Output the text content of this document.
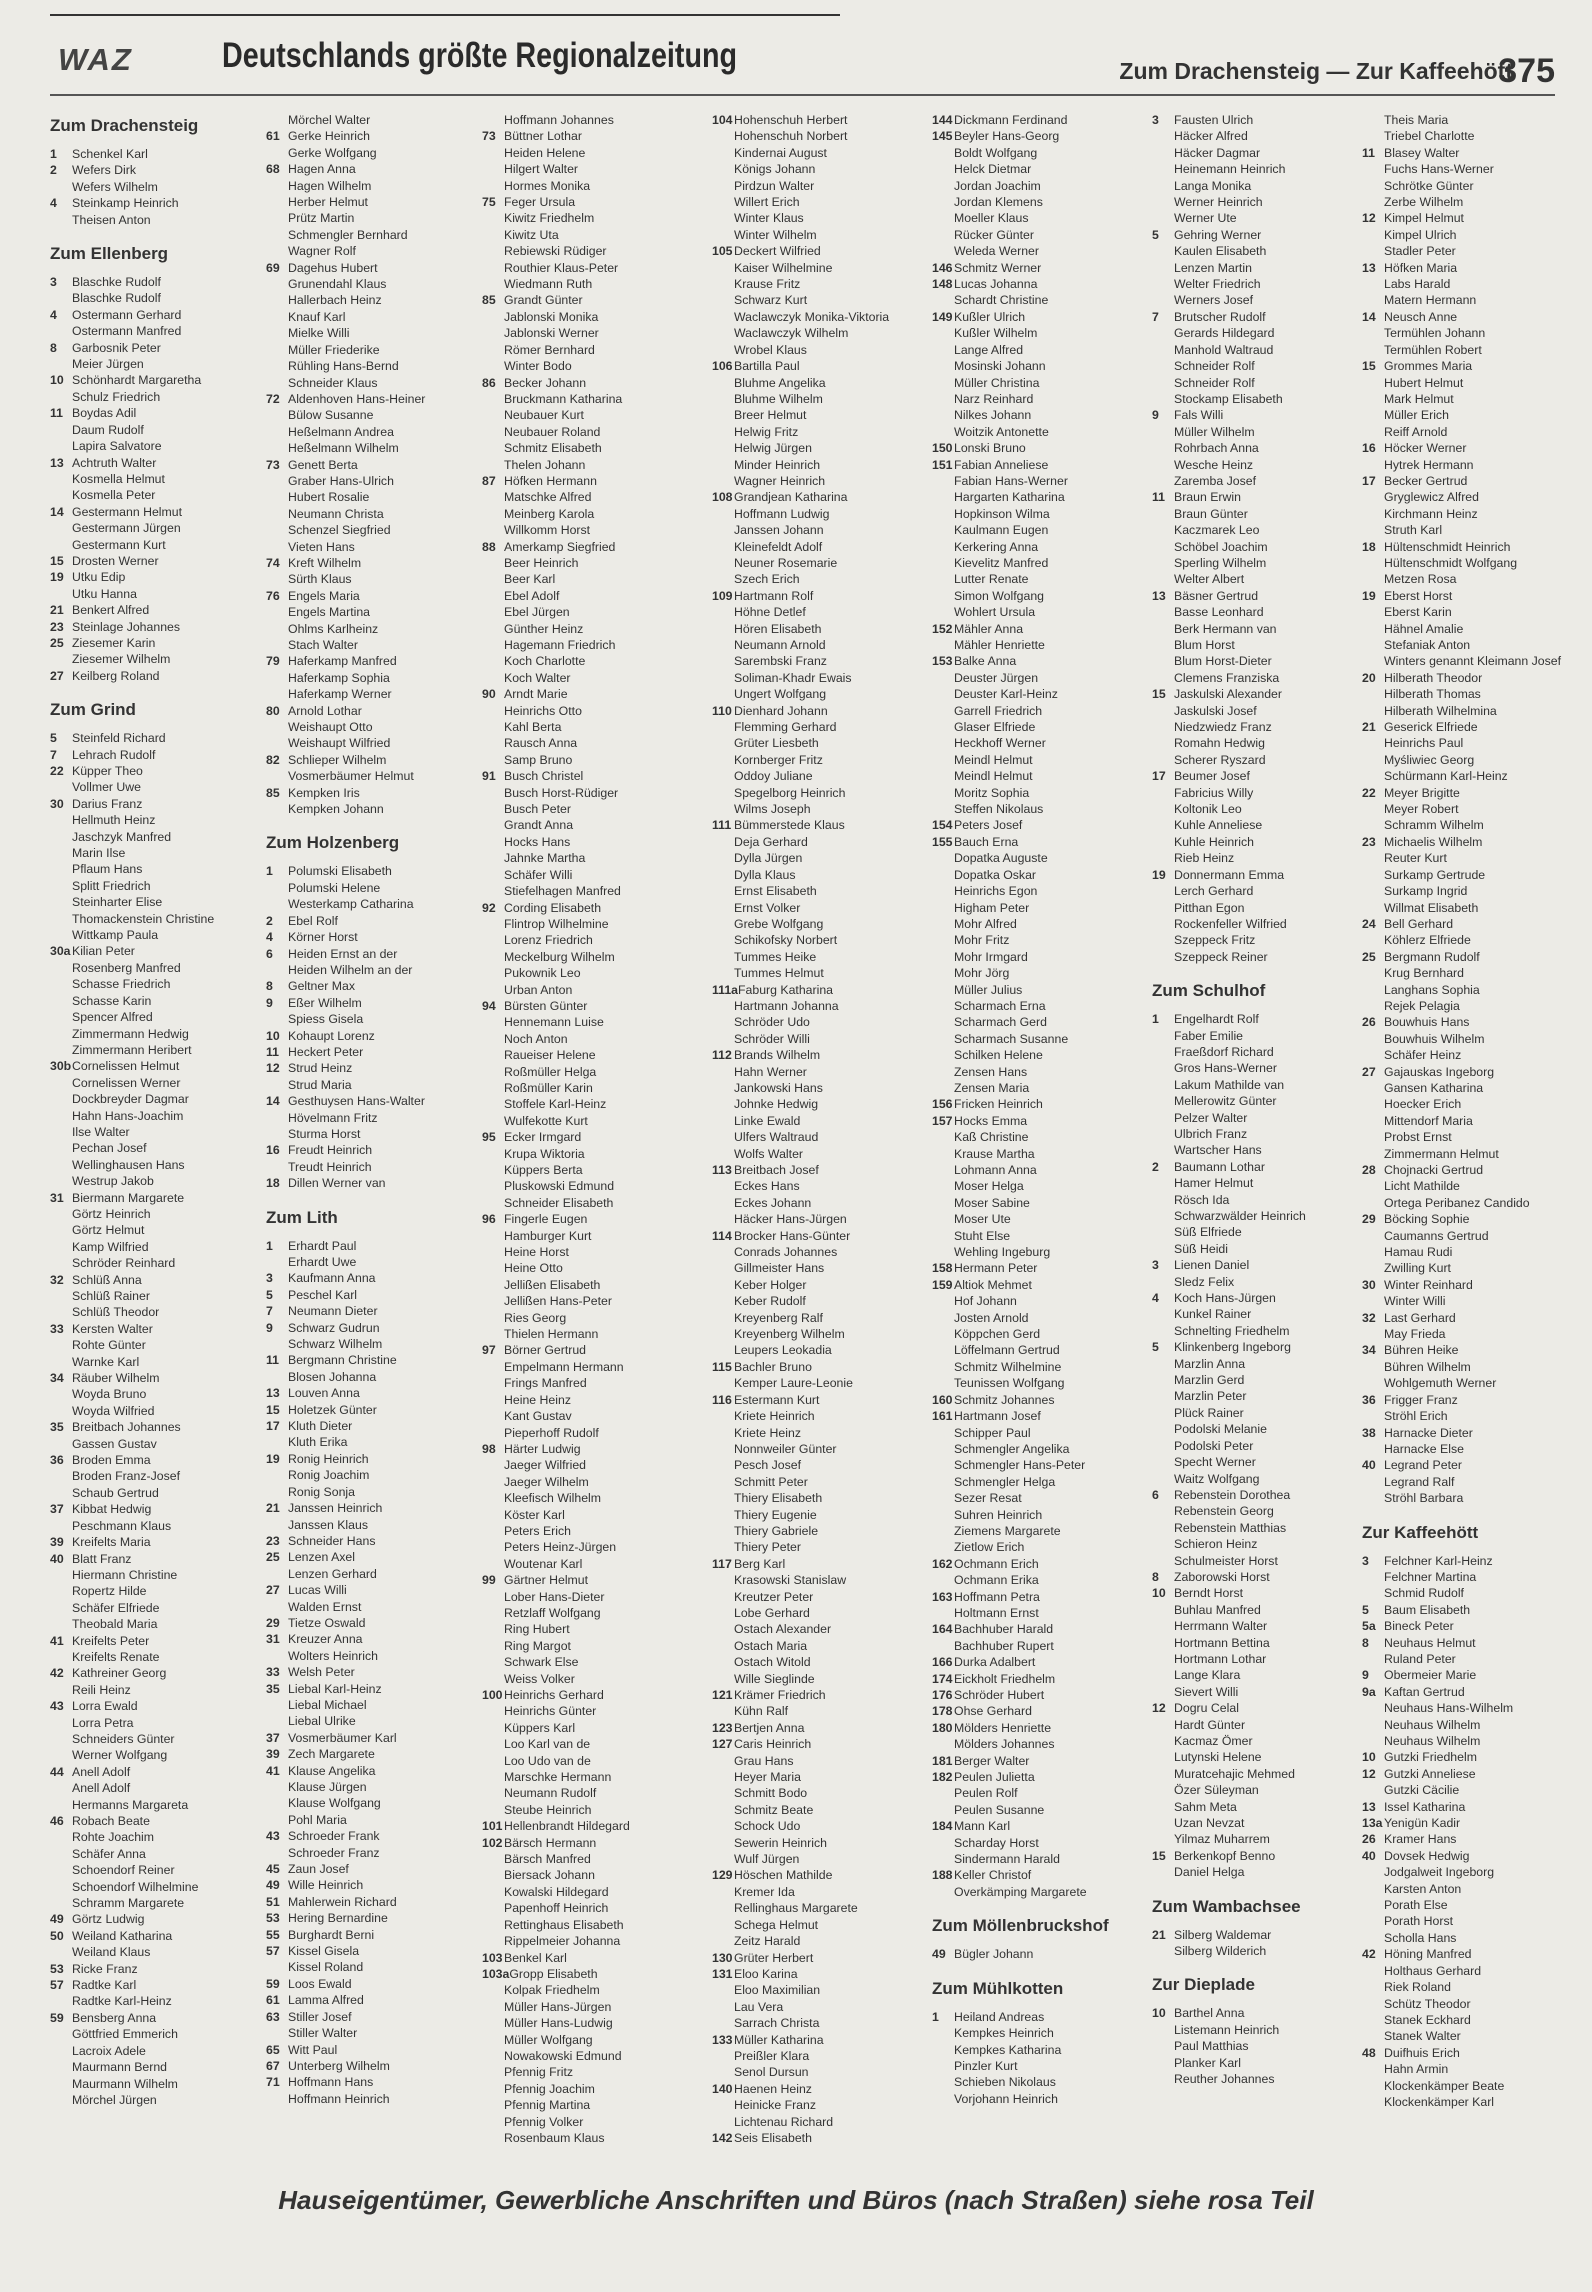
WAZ	Deutschlands größte Regionalzeitung	Zum Drachensteig — Zur Kaffeehött
375
Zum Drachensteig
1 Schenkel Karl
2 Wefers Dirk
Wefers Wilhelm
4 Steinkamp Heinrich
Theisen Anton
Zum Ellenberg
3 Blaschke Rudolf
Blaschke Rudolf
4 Ostermann Gerhard
Ostermann Manfred
8 Garbosnik Peter
Meier Jürgen
10 Schönhardt Margaretha
Schulz Friedrich
11 Boydas Adil
Daum Rudolf
Lapira Salvatore
13 Achtruth Walter
Kosmella Helmut
Kosmella Peter
14 Gestermann Helmut
Gestermann Jürgen
Gestermann Kurt
15 Drosten Werner
19 Utku Edip
Utku Hanna
21 Benkert Alfred
23 Steinlage Johannes
25 Ziesemer Karin
Ziesemer Wilhelm
27 Keilberg Roland
Zum Grind
5 Steinfeld Richard
7 Lehrach Rudolf
22 Küpper Theo
Vollmer Uwe
30 Darius Franz
Hellmuth Heinz
Jaschzyk Manfred
Marin Ilse
Pflaum Hans
Splitt Friedrich
Steinharter Elise
Thomackenstein Christine
Wittkamp Paula
30aKilian Peter
Rosenberg Manfred
Schasse Friedrich
Schasse Karin
Spencer Alfred
Zimmermann Hedwig
Zimmermann Heribert
30bCornelissen Helmut
Cornelissen Werner
Dockbreyder Dagmar
Hahn Hans-Joachim
Ilse Walter
Pechan Josef
Wellinghausen Hans
Westrup Jakob
31 Biermann Margarete
Görtz Heinrich
Görtz Helmut
Kamp Wilfried
Schröder Reinhard
32 Schlüß Anna
Schlüß Rainer
Schlüß Theodor
33 Kersten Walter
Rohte Günter
Warnke Karl
34 Räuber Wilhelm
Woyda Bruno
Woyda Wilfried
35 Breitbach Johannes
Gassen Gustav
36 Broden Emma
Broden Franz-Josef
Schaub Gertrud
37 Kibbat Hedwig
Peschmann Klaus
39 Kreifelts Maria
40 Blatt Franz
Hiermann Christine
Ropertz Hilde
Schäfer Elfriede
Theobald Maria
41 Kreifelts Peter
Kreifelts Renate
42 Kathreiner Georg
Reili Heinz
43 Lorra Ewald
Lorra Petra
Schneiders Günter
Werner Wolfgang
44 Anell Adolf
Anell Adolf
Hermanns Margareta
46 Robach Beate
Rohte Joachim
Schäfer Anna
Schoendorf Reiner
Schoendorf Wilhelmine
Schramm Margarete
49 Görtz Ludwig
50 Weiland Katharina
Weiland Klaus
53 Ricke Franz
57 Radtke Karl
Radtke Karl-Heinz
59 Bensberg Anna
Göttfried Emmerich
Lacroix Adele
Maurmann Bernd
Maurmann Wilhelm
Mörchel Jürgen
Mörchel Walter
61 Gerke Heinrich
Gerke Wolfgang
68 Hagen Anna
Hagen Wilhelm
Herber Helmut
Prütz Martin
Schmengler Bernhard
Wagner Rolf
69 Dagehus Hubert
Grunendahl Klaus
Hallerbach Heinz
Knauf Karl
Mielke Willi
Müller Friederike
Rühling Hans-Bernd
Schneider Klaus
72 Aldenhoven Hans-Heiner
Bülow Susanne
Heßelmann Andrea
Heßelmann Wilhelm
73 Genett Berta
Graber Hans-Ulrich
Hubert Rosalie
Neumann Christa
Schenzel Siegfried
Vieten Hans
74 Kreft Wilhelm
Sürth Klaus
76 Engels Maria
Engels Martina
Ohlms Karlheinz
Stach Walter
79 Haferkamp Manfred
Haferkamp Sophia
Haferkamp Werner
80 Arnold Lothar
Weishaupt Otto
Weishaupt Wilfried
82 Schlieper Wilhelm
Vosmerbäumer Helmut
85 Kempken Iris
Kempken Johann
Zum Holzenberg
1 Polumski Elisabeth
Polumski Helene
Westerkamp Catharina
2 Ebel Rolf
4 Körner Horst
6 Heiden Ernst an der
Heiden Wilhelm an der
8 Geltner Max
9 Eßer Wilhelm
Spiess Gisela
10 Kohaupt Lorenz
11 Heckert Peter
12 Strud Heinz
Strud Maria
14 Gesthuysen Hans-Walter
Hövelmann Fritz
Sturma Horst
16 Freudt Heinrich
Treudt Heinrich
18 Dillen Werner van
Zum Lith
1 Erhardt Paul
Erhardt Uwe
3 Kaufmann Anna
5 Peschel Karl
7 Neumann Dieter
9 Schwarz Gudrun
Schwarz Wilhelm
11 Bergmann Christine
Blosen Johanna
13 Louven Anna
15 Holetzek Günter
17 Kluth Dieter
Kluth Erika
19 Ronig Heinrich
Ronig Joachim
Ronig Sonja
21 Janssen Heinrich
Janssen Klaus
23 Schneider Hans
25 Lenzen Axel
Lenzen Gerhard
27 Lucas Willi
Walden Ernst
29 Tietze Oswald
31 Kreuzer Anna
Wolters Heinrich
33 Welsh Peter
35 Liebal Karl-Heinz
Liebal Michael
Liebal Ulrike
37 Vosmerbäumer Karl
39 Zech Margarete
41 Klause Angelika
Klause Jürgen
Klause Wolfgang
Pohl Maria
43 Schroeder Frank
Schroeder Franz
45 Zaun Josef
49 Wille Heinrich
51 Mahlerwein Richard
53 Hering Bernardine
55 Burghardt Berni
57 Kissel Gisela
Kissel Roland
59 Loos Ewald
61 Lamma Alfred
63 Stiller Josef
Stiller Walter
65 Witt Paul
67 Unterberg Wilhelm
71 Hoffmann Hans
Hoffmann Heinrich
Hoffmann Johannes
73 Büttner Lothar
Heiden Helene
Hilgert Walter
Hormes Monika
75 Feger Ursula
Kiwitz Friedhelm
Kiwitz Uta
Rebiewski Rüdiger
Routhier Klaus-Peter
Wiedmann Ruth
85 Grandt Günter
Jablonski Monika
Jablonski Werner
Römer Bernhard
Winter Bodo
86 Becker Johann
Bruckmann Katharina
Neubauer Kurt
Neubauer Roland
Schmitz Elisabeth
Thelen Johann
87 Höfken Hermann
Matschke Alfred
Meinberg Karola
Willkomm Horst
88 Amerkamp Siegfried
Beer Heinrich
Beer Karl
Ebel Adolf
Ebel Jürgen
Günther Heinz
Hagemann Friedrich
Koch Charlotte
Koch Walter
90 Arndt Marie
Heinrichs Otto
Kahl Berta
Rausch Anna
Samp Bruno
91 Busch Christel
Busch Horst-Rüdiger
Busch Peter
Grandt Anna
Hocks Hans
Jahnke Martha
Schäfer Willi
Stiefelhagen Manfred
92 Cording Elisabeth
Flintrop Wilhelmine
Lorenz Friedrich
Meckelburg Wilhelm
Pukownik Leo
Urban Anton
94 Bürsten Günter
Hennemann Luise
Noch Anton
Raueiser Helene
Roßmüller Helga
Roßmüller Karin
Stoffele Karl-Heinz
Wulfekotte Kurt
95 Ecker Irmgard
Krupa Wiktoria
Küppers Berta
Pluskowski Edmund
Schneider Elisabeth
96 Fingerle Eugen
Hamburger Kurt
Heine Horst
Heine Otto
Jellißen Elisabeth
Jellißen Hans-Peter
Ries Georg
Thielen Hermann
97 Börner Gertrud
Empelmann Hermann
Frings Manfred
Heine Heinz
Kant Gustav
Pieperhoff Rudolf
98 Härter Ludwig
Jaeger Wilfried
Jaeger Wilhelm
Kleefisch Wilhelm
Köster Karl
Peters Erich
Peters Heinz-Jürgen
Woutenar Karl
99 Gärtner Helmut
Lober Hans-Dieter
Retzlaff Wolfgang
Ring Hubert
Ring Margot
Schwark Else
Weiss Volker
100Heinrichs Gerhard
Heinrichs Günter
Küppers Karl
Loo Karl van de
Loo Udo van de
Marschke Hermann
Neumann Rudolf
Steube Heinrich
101Hellenbrandt Hildegard
102Bärsch Hermann
Bärsch Manfred
Biersack Johann
Kowalski Hildegard
Papenhoff Heinrich
Rettinghaus Elisabeth
Rippelmeier Johanna
103Benkel Karl
103aGropp Elisabeth
Kolpak Friedhelm
Müller Hans-Jürgen
Müller Hans-Ludwig
Müller Wolfgang
Nowakowski Edmund
Pfennig Fritz
Pfennig Joachim
Pfennig Martina
Pfennig Volker
Rosenbaum Klaus
104Hohenschuh Herbert
Hohenschuh Norbert
Kindernai August
Königs Johann
Pirdzun Walter
Willert Erich
Winter Klaus
Winter Wilhelm
105Deckert Wilfried
Kaiser Wilhelmine
Krause Fritz
Schwarz Kurt
Waclawczyk Monika-Viktoria
Waclawczyk Wilhelm
Wrobel Klaus
106Bartilla Paul
Bluhme Angelika
Bluhme Wilhelm
Breer Helmut
Helwig Fritz
Helwig Jürgen
Minder Heinrich
Wagner Heinrich
108Grandjean Katharina
Hoffmann Ludwig
Janssen Johann
Kleinefeldt Adolf
Neuner Rosemarie
Szech Erich
109Hartmann Rolf
Höhne Detlef
Hören Elisabeth
Neumann Arnold
Sarembski Franz
Soliman-Khadr Ewais
Ungert Wolfgang
110 Dienhard Johann
Flemming Gerhard
Grüter Liesbeth
Kornberger Fritz
Oddoy Juliane
Spegelborg Heinrich
Wilms Joseph
111 Bümmerstede Klaus
Deja Gerhard
Dylla Jürgen
Dylla Klaus
Ernst Elisabeth
Ernst Volker
Grebe Wolfgang
Schikofsky Norbert
Tummes Heike
Tummes Helmut
111aFaburg Katharina
Hartmann Johanna
Schröder Udo
Schröder Willi
112 Brands Wilhelm
Hahn Werner
Jankowski Hans
Johnke Hedwig
Linke Ewald
Ulfers Waltraud
Wolfs Walter
113 Breitbach Josef
Eckes Hans
Eckes Johann
Häcker Hans-Jürgen
114 Brocker Hans-Günter
Conrads Johannes
Gillmeister Hans
Keber Holger
Keber Rudolf
Kreyenberg Ralf
Kreyenberg Wilhelm
Leupers Leokadia
115 Bachler Bruno
Kemper Laure-Leonie
116 Estermann Kurt
Kriete Heinrich
Kriete Heinz
Nonnweiler Günter
Pesch Josef
Schmitt Peter
Thiery Elisabeth
Thiery Eugenie
Thiery Gabriele
Thiery Peter
117 Berg Karl
Krasowski Stanislaw
Kreutzer Peter
Lobe Gerhard
Ostach Alexander
Ostach Maria
Ostach Witold
Wille Sieglinde
121Krämer Friedrich
Kühn Ralf
123Bertjen Anna
127Caris Heinrich
Grau Hans
Heyer Maria
Schmitt Bodo
Schmitz Beate
Schock Udo
Sewerin Heinrich
Wulf Jürgen
129Höschen Mathilde
Kremer Ida
Rellinghaus Margarete
Schega Helmut
Zeitz Harald
130Grüter Herbert
131Eloo Karina
Eloo Maximilian
Lau Vera
Sarrach Christa
133Müller Katharina
Preißler Klara
Senol Dursun
140Haenen Heinz
Heinicke Franz
Lichtenau Richard
142Seis Elisabeth
144Dickmann Ferdinand
145Beyler Hans-Georg
Boldt Wolfgang
Helck Dietmar
Jordan Joachim
Jordan Klemens
Moeller Klaus
Rücker Günter
Weleda Werner
146Schmitz Werner
148Lucas Johanna
Schardt Christine
149Kußler Ulrich
Kußler Wilhelm
Lange Alfred
Mosinski Johann
Müller Christina
Narz Reinhard
Nilkes Johann
Woitzik Antonette
150Lonski Bruno
151Fabian Anneliese
Fabian Hans-Werner
Hargarten Katharina
Hopkinson Wilma
Kaulmann Eugen
Kerkering Anna
Kievelitz Manfred
Lutter Renate
Simon Wolfgang
Wohlert Ursula
152Mähler Anna
Mähler Henriette
153Balke Anna
Deuster Jürgen
Deuster Karl-Heinz
Garrell Friedrich
Glaser Elfriede
Heckhoff Werner
Meindl Helmut
Meindl Helmut
Moritz Sophia
Steffen Nikolaus
154Peters Josef
155Bauch Erna
Dopatka Auguste
Dopatka Oskar
Heinrichs Egon
Higham Peter
Mohr Alfred
Mohr Fritz
Mohr Irmgard
Mohr Jörg
Müller Julius
Scharmach Erna
Scharmach Gerd
Scharmach Susanne
Schilken Helene
Zensen Hans
Zensen Maria
156Fricken Heinrich
157Hocks Emma
Kaß Christine
Krause Martha
Lohmann Anna
Moser Helga
Moser Sabine
Moser Ute
Stuht Else
Wehling Ingeburg
158Hermann Peter
159Altiok Mehmet
Hof Johann
Josten Arnold
Köppchen Gerd
Löffelmann Gertrud
Schmitz Wilhelmine
Teunissen Wolfgang
160Schmitz Johannes
161Hartmann Josef
Schipper Paul
Schmengler Angelika
Schmengler Hans-Peter
Schmengler Helga
Sezer Resat
Suhren Heinrich
Ziemens Margarete
Zietlow Erich
162Ochmann Erich
Ochmann Erika
163Hoffmann Petra
Holtmann Ernst
164Bachhuber Harald
Bachhuber Rupert
166Durka Adalbert
174Eickholt Friedhelm
176Schröder Hubert
178Ohse Gerhard
180Mölders Henriette
Mölders Johannes
181Berger Walter
182Peulen Julietta
Peulen Rolf
Peulen Susanne
184Mann Karl
Scharday Horst
Sindermann Harald
188Keller Christof
Overkämping Margarete
Zum Möllenbruckshof
49 Bügler Johann
Zum Mühlkotten
1 Heiland Andreas
Kempkes Heinrich
Kempkes Katharina
Pinzler Kurt
Schieben Nikolaus
Vorjohann Heinrich
3 Fausten Ulrich
Häcker Alfred
Häcker Dagmar
Heinemann Heinrich
Langa Monika
Werner Heinrich
Werner Ute
5 Gehring Werner
Kaulen Elisabeth
Lenzen Martin
Welter Friedrich
Werners Josef
7 Brutscher Rudolf
Gerards Hildegard
Manhold Waltraud
Schneider Rolf
Schneider Rolf
Stockamp Elisabeth
9 Fals Willi
Müller Wilhelm
Rohrbach Anna
Wesche Heinz
Zaremba Josef
11 Braun Erwin
Braun Günter
Kaczmarek Leo
Schöbel Joachim
Sperling Wilhelm
Welter Albert
13 Bäsner Gertrud
Basse Leonhard
Berk Hermann van
Blum Horst
Blum Horst-Dieter
Clemens Franziska
15 Jaskulski Alexander
Jaskulski Josef
Niedzwiedz Franz
Romahn Hedwig
Scherer Ryszard
17 Beumer Josef
Fabricius Willy
Koltonik Leo
Kuhle Anneliese
Kuhle Heinrich
Rieb Heinz
19 Donnermann Emma
Lerch Gerhard
Pitthan Egon
Rockenfeller Wilfried
Szeppeck Fritz
Szeppeck Reiner
Zum Schulhof
1 Engelhardt Rolf
Faber Emilie
Fraeßdorf Richard
Gros Hans-Werner
Lakum Mathilde van
Mellerowitz Günter
Pelzer Walter
Ulbrich Franz
Wartscher Hans
2 Baumann Lothar
Hamer Helmut
Rösch Ida
Schwarzwälder Heinrich
Süß Elfriede
Süß Heidi
3 Lienen Daniel
Sledz Felix
4 Koch Hans-Jürgen
Kunkel Rainer
Schnelting Friedhelm
5 Klinkenberg Ingeborg
Marzlin Anna
Marzlin Gerd
Marzlin Peter
Plück Rainer
Podolski Melanie
Podolski Peter
Specht Werner
Waitz Wolfgang
6 Rebenstein Dorothea
Rebenstein Georg
Rebenstein Matthias
Schieron Heinz
Schulmeister Horst
8 Zaborowski Horst
10 Berndt Horst
Buhlau Manfred
Herrmann Walter
Hortmann Bettina
Hortmann Lothar
Lange Klara
Sievert Willi
12 Dogru Celal
Hardt Günter
Kacmaz Ömer
Lutynski Helene
Muratcehajic Mehmed
Özer Süleyman
Sahm Meta
Uzan Nevzat
Yilmaz Muharrem
15 Berkenkopf Benno
Daniel Helga
Zum Wambachsee
21 Silberg Waldemar
Silberg Wilderich
Zur Dieplade
10 Barthel Anna
Listemann Heinrich
Paul Matthias
Planker Karl
Reuther Johannes
Theis Maria
Triebel Charlotte
11 Blasey Walter
Fuchs Hans-Werner
Schrötke Günter
Zerbe Wilhelm
12 Kimpel Helmut
Kimpel Ulrich
Stadler Peter
13 Höfken Maria
Labs Harald
Matern Hermann
14 Neusch Anne
Termühlen Johann
Termühlen Robert
15 Grommes Maria
Hubert Helmut
Mark Helmut
Müller Erich
Reiff Arnold
16 Höcker Werner
Hytrek Hermann
17 Becker Gertrud
Gryglewicz Alfred
Kirchmann Heinz
Struth Karl
18 Hültenschmidt Heinrich
Hültenschmidt Wolfgang
Metzen Rosa
19 Eberst Horst
Eberst Karin
Hähnel Amalie
Stefaniak Anton
Winters genannt Kleimann Josef
20 Hilberath Theodor
Hilberath Thomas
Hilberath Wilhelmina
21 Geserick Elfriede
Heinrichs Paul
Myśliwiec Georg
Schürmann Karl-Heinz
22 Meyer Brigitte
Meyer Robert
Schramm Wilhelm
23 Michaelis Wilhelm
Reuter Kurt
Surkamp Gertrude
Surkamp Ingrid
Willmat Elisabeth
24 Bell Gerhard
Köhlerz Elfriede
25 Bergmann Rudolf
Krug Bernhard
Langhans Sophia
Rejek Pelagia
26 Bouwhuis Hans
Bouwhuis Wilhelm
Schäfer Heinz
27 Gajauskas Ingeborg
Gansen Katharina
Hoecker Erich
Mittendorf Maria
Probst Ernst
Zimmermann Helmut
28 Chojnacki Gertrud
Licht Mathilde
Ortega Peribanez Candido
29 Böcking Sophie
Caumanns Gertrud
Hamau Rudi
Zwilling Kurt
30 Winter Reinhard
Winter Willi
32 Last Gerhard
May Frieda
34 Bühren Heike
Bühren Wilhelm
Wohlgemuth Werner
36 Frigger Franz
Ströhl Erich
38 Harnacke Dieter
Harnacke Else
40 Legrand Peter
Legrand Ralf
Ströhl Barbara
Zur Kaffeehött
3 Felchner Karl-Heinz
Felchner Martina
Schmid Rudolf
5 Baum Elisabeth
5a Bineck Peter
8 Neuhaus Helmut
Ruland Peter
9 Obermeier Marie
9a Kaftan Gertrud
Neuhaus Hans-Wilhelm
Neuhaus Wilhelm
Neuhaus Wilhelm
10 Gutzki Friedhelm
12 Gutzki Anneliese
Gutzki Cäcilie
13 Issel Katharina
13aYenigün Kadir
26 Kramer Hans
40 Dovsek Hedwig
Jodgalweit Ingeborg
Karsten Anton
Porath Else
Porath Horst
Scholla Hans
42 Höning Manfred
Holthaus Gerhard
Riek Roland
Schütz Theodor
Stanek Eckhard
Stanek Walter
48 Duifhuis Erich
Hahn Armin
Klockenkämper Beate
Klockenkämper Karl
Hauseigentümer, Gewerbliche Anschriften und Büros (nach Straßen) siehe rosa Teil
